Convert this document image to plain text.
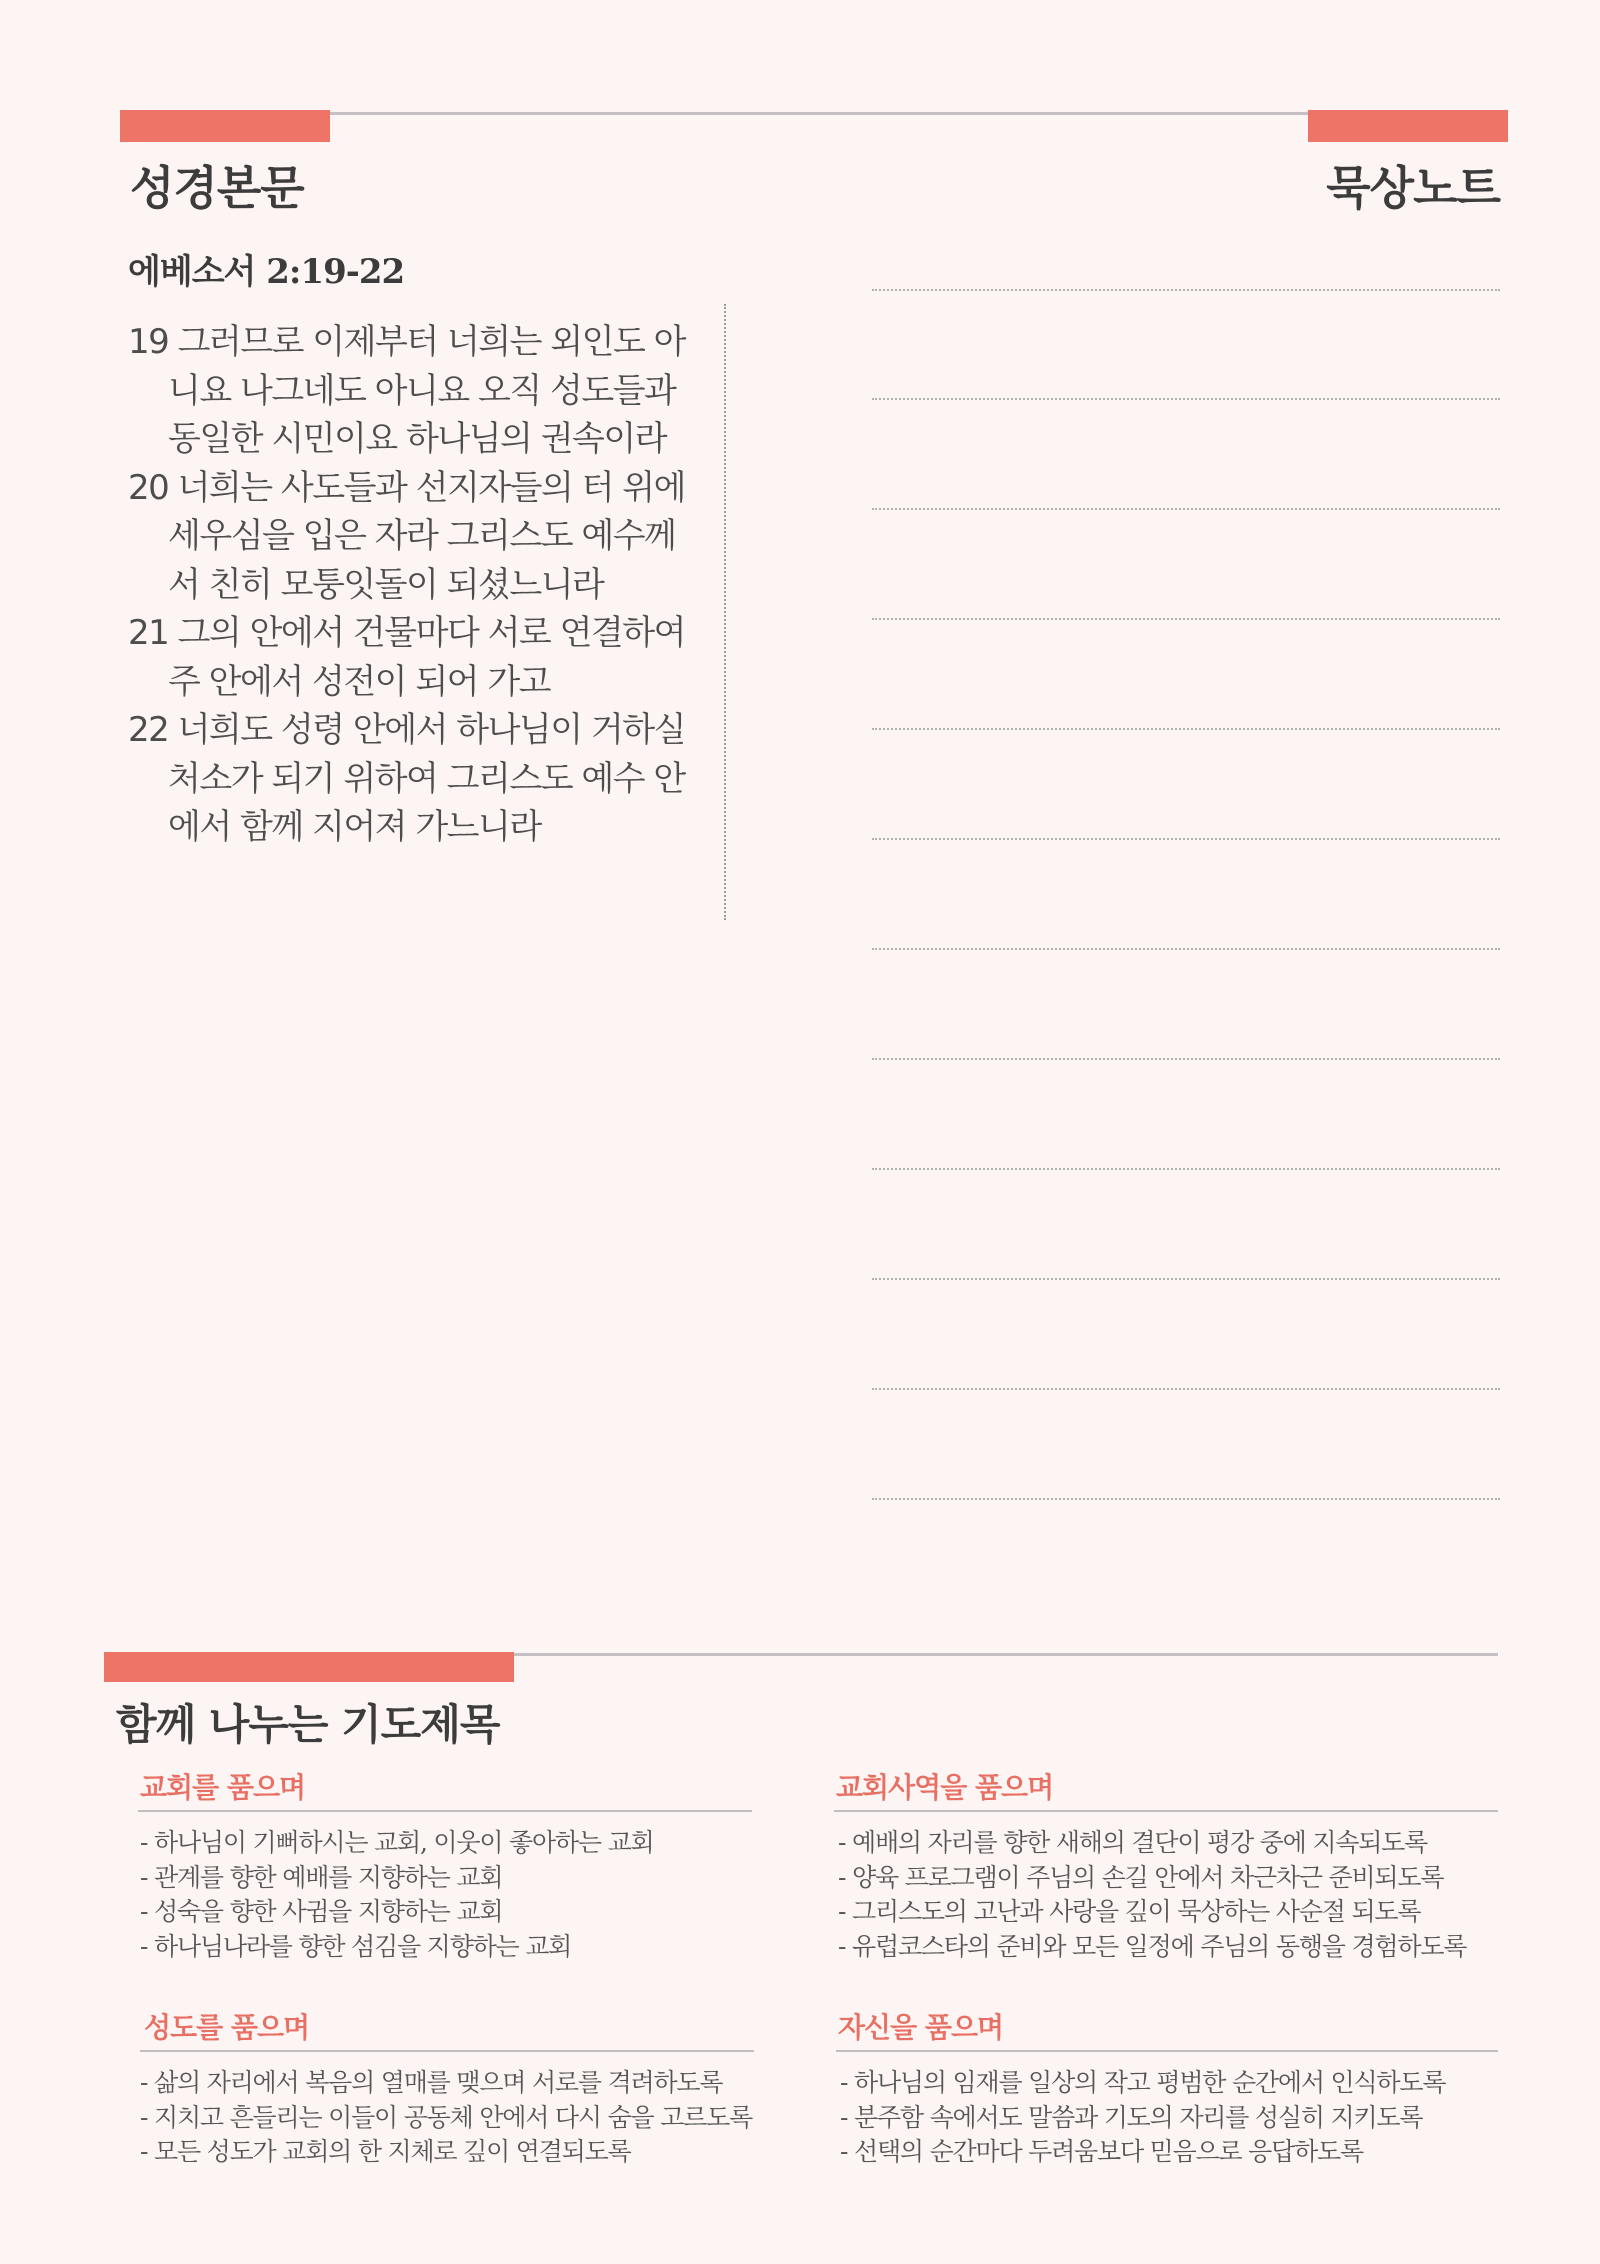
성경본문	묵상노트
에베소서 2:19-22
19 그러므로 이제부터 너희는 외인도 아니요 나그네도 아니요 오직 성도들과 동일한 시민이요 하나님의 권속이라
20 너희는 사도들과 선지자들의 터 위에 세우심을 입은 자라 그리스도 예수께서 친히 모퉁잇돌이 되셨느니라
21 그의 안에서 건물마다 서로 연결하여 주 안에서 성전이 되어 가고
22 너희도 성령 안에서 하나님이 거하실 처소가 되기 위하여 그리스도 예수 안에서 함께 지어져 가느니라
함께 나누는 기도제목
교회를 품으며
- 하나님이 기뻐하시는 교회, 이웃이 좋아하는 교회
- 관계를 향한 예배를 지향하는 교회
- 성숙을 향한 사귐을 지향하는 교회
- 하나님나라를 향한 섬김을 지향하는 교회
교회사역을 품으며
- 예배의 자리를 향한 새해의 결단이 평강 중에 지속되도록
- 양육 프로그램이 주님의 손길 안에서 차근차근 준비되도록
- 그리스도의 고난과 사랑을 깊이 묵상하는 사순절 되도록
- 유럽코스타의 준비와 모든 일정에 주님의 동행을 경험하도록
성도를 품으며
- 삶의 자리에서 복음의 열매를 맺으며 서로를 격려하도록
- 지치고 흔들리는 이들이 공동체 안에서 다시 숨을 고르도록
- 모든 성도가 교회의 한 지체로 깊이 연결되도록
자신을 품으며
- 하나님의 임재를 일상의 작고 평범한 순간에서 인식하도록
- 분주함 속에서도 말씀과 기도의 자리를 성실히 지키도록
- 선택의 순간마다 두려움보다 믿음으로 응답하도록
